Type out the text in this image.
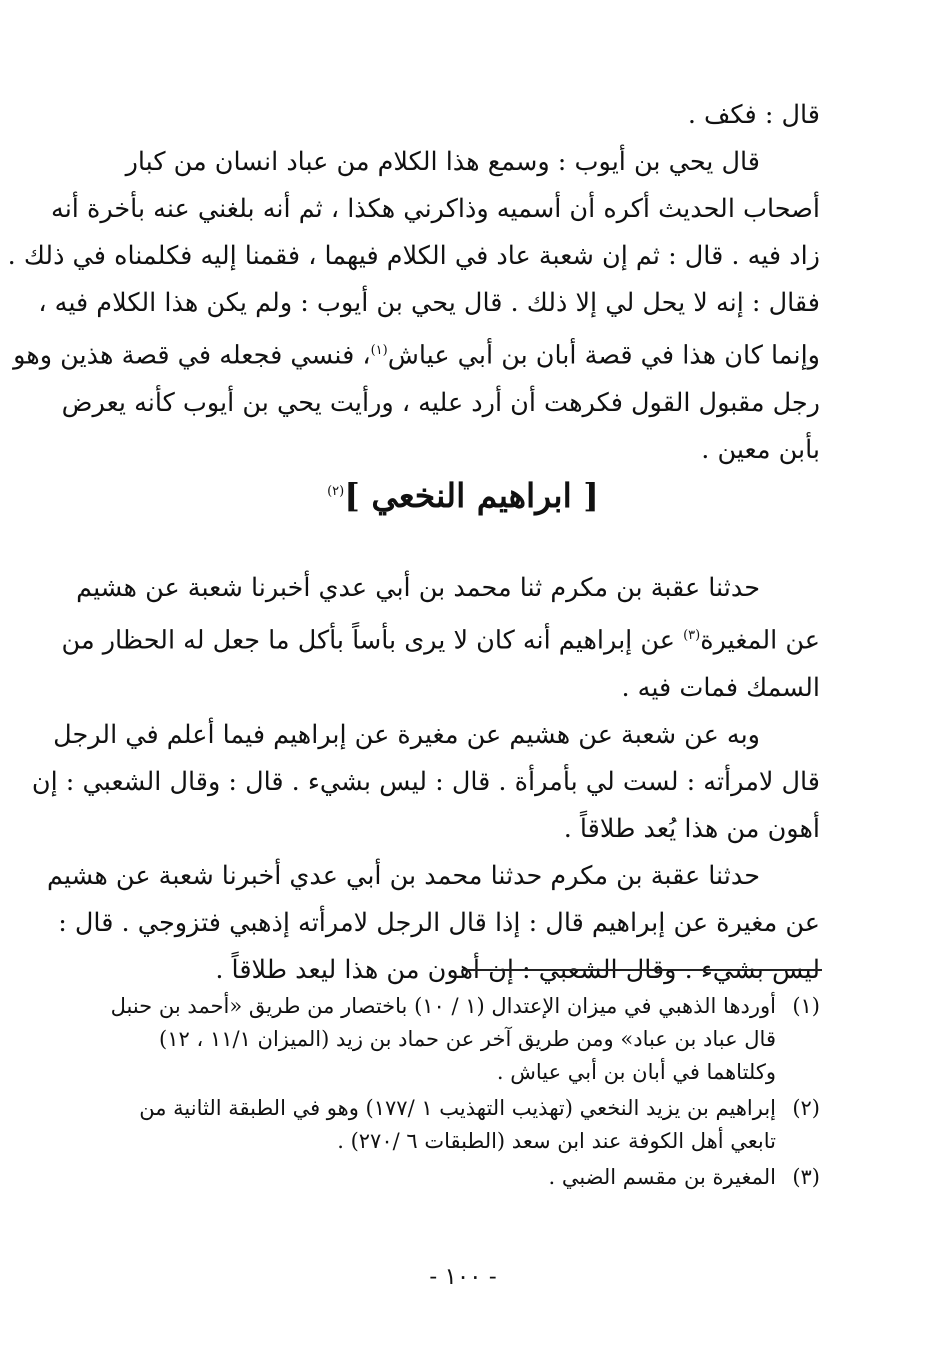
قال : فكف .

قال يحي بن أيوب : وسمع هذا الكلام من عباد انسان من كبار

أصحاب الحديث أكره أن أسميه وذاكرني هكذا ، ثم أنه بلغني عنه بأخرة أنه

زاد فيه . قال : ثم إن شعبة عاد في الكلام فيهما ، فقمنا إليه فكلمناه في ذلك .

فقال : إنه لا يحل لي إلا ذلك . قال يحي بن أيوب : ولم يكن هذا الكلام فيه ،

وإنما كان هذا في قصة أبان بن أبي عياش$^{(١)}$، فنسي فجعله في قصة هذين وهو

رجل مقبول القول فكرهت أن أرد عليه ، ورأيت يحي بن أيوب كأنه يعرض

بأبن معين .

[ ابراهيم النخعي ]$^{(٢)}$

حدثنا عقبة بن مكرم ثنا محمد بن أبي عدي أخبرنا شعبة عن هشيم

عن المغيرة$^{(٣)}$ عن إبراهيم أنه كان لا يرى بأساً بأكل ما جعل له الحظار من

السمك فمات فيه .

وبه عن شعبة عن هشيم عن مغيرة عن إبراهيم فيما أعلم في الرجل

قال لامرأته : لست لي بأمرأة . قال : ليس بشيء . قال : وقال الشعبي : إن

أهون من هذا يُعد طلاقاً .

حدثنا عقبة بن مكرم حدثنا محمد بن أبي عدي أخبرنا شعبة عن هشيم

عن مغيرة عن إبراهيم قال : إذا قال الرجل لامرأته إذهبي فتزوجي . قال :

ليس بشيء . وقال الشعبي : إن أهون من هذا ليعد طلاقاً .

(١)
أوردها الذهبي في ميزان الإعتدال (١ / ١٠) باختصار من طريق «أحمد بن حنبل
قال عباد بن عباد» ومن طريق آخر عن حماد بن زيد (الميزان ١١/١ ، ١٢)
وكلتاهما في أبان بن أبي عياش .
(٢)
إبراهيم بن يزيد النخعي (تهذيب التهذيب ١ /١٧٧) وهو في الطبقة الثانية من
تابعي أهل الكوفة عند ابن سعد (الطبقات ٦ /٢٧٠) .
(٣)
المغيرة بن مقسم الضبي .
- ١٠٠ -
